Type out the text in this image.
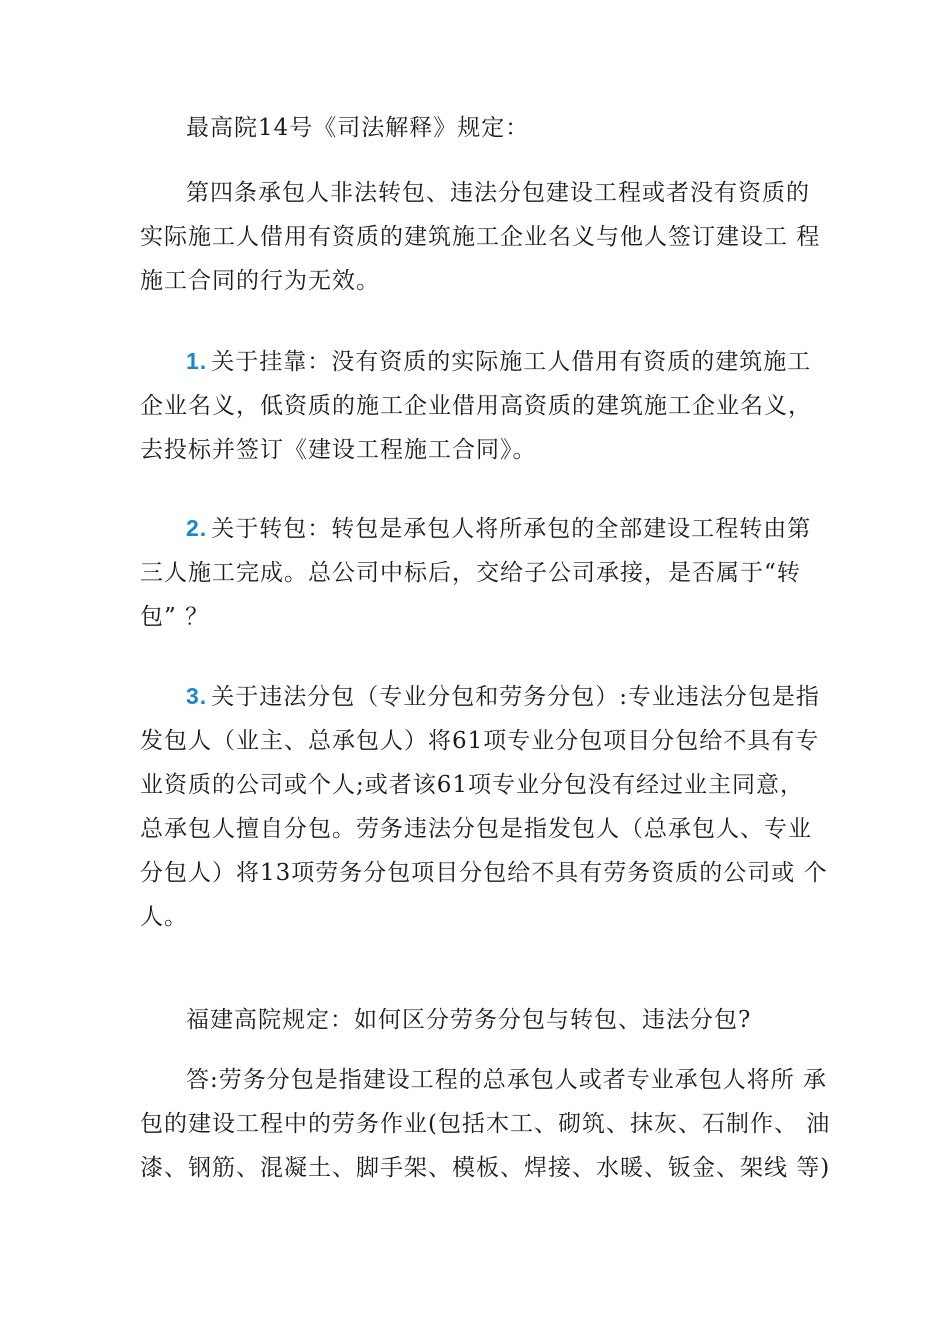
最高院14号《司法解释》规定：

第四条承包人非法转包、违法分包建设工程或者没有资质的
实际施工人借用有资质的建筑施工企业名义与他人签订建设工 程
施工合同的行为无效。

1. 关于挂靠：没有资质的实际施工人借用有资质的建筑施工
企业名义，低资质的施工企业借用高资质的建筑施工企业名义，
去投标并签订《建设工程施工合同》。

2. 关于转包：转包是承包人将所承包的全部建设工程转由第
三人施工完成。总公司中标后，交给子公司承接，是否属于“转
包” ？

3. 关于违法分包（专业分包和劳务分包）:专业违法分包是指
发包人（业主、总承包人）将61项专业分包项目分包给不具有专
业资质的公司或个人;或者该61项专业分包没有经过业主同意，
总承包人擅自分包。劳务违法分包是指发包人（总承包人、专业
分包人）将13项劳务分包项目分包给不具有劳务资质的公司或 个
人。

福建高院规定：如何区分劳务分包与转包、违法分包?

答:劳务分包是指建设工程的总承包人或者专业承包人将所 承
包的建设工程中的劳务作业(包括木工、砌筑、抹灰、石制作、 油
漆、钢筋、混凝土、脚手架、模板、焊接、水暖、钣金、架线 等)
